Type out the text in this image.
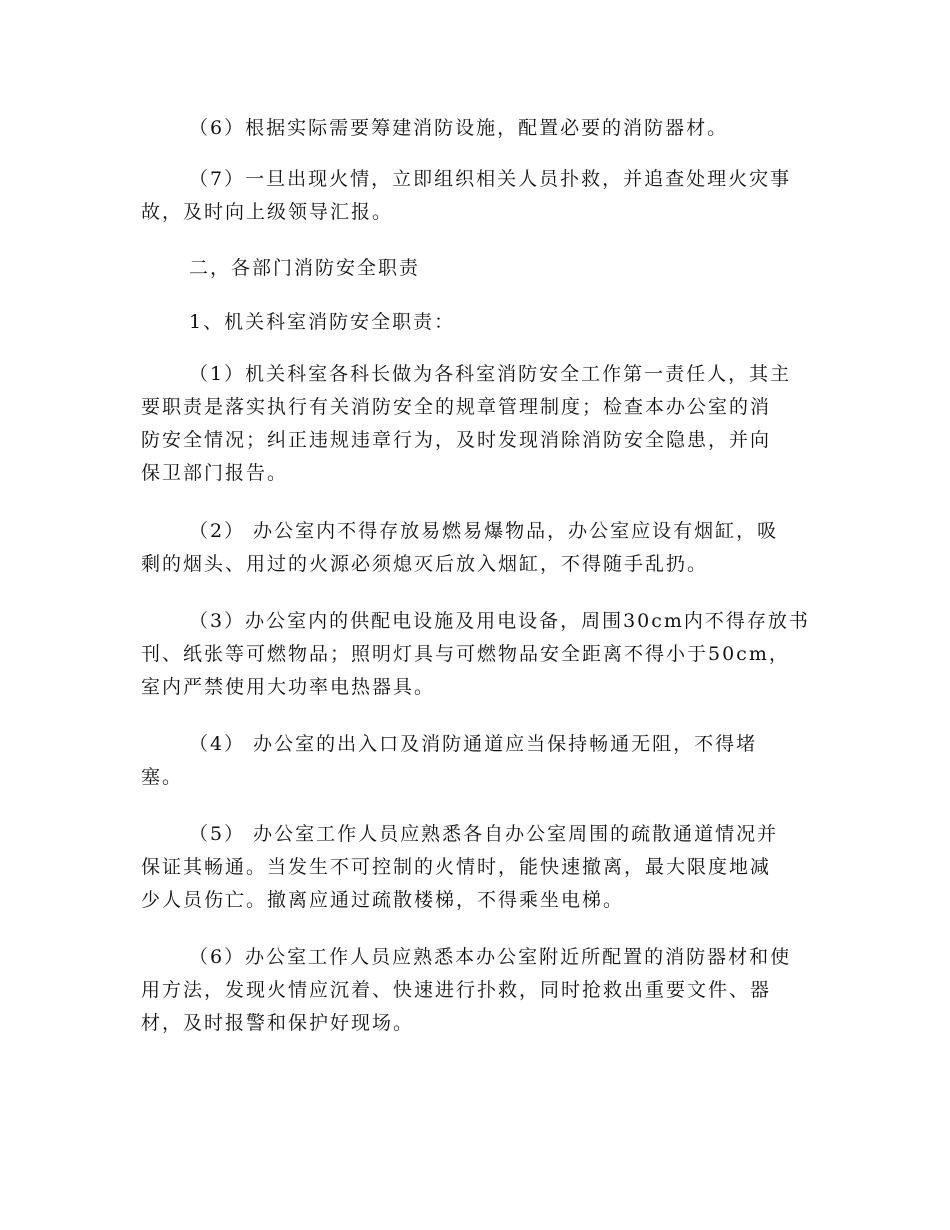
（6）根据实际需要筹建消防设施，配置必要的消防器材。

（7）一旦出现火情，立即组织相关人员扑救，并追查处理火灾事
故，及时向上级领导汇报。

二，各部门消防安全职责

1、机关科室消防安全职责：

（1）机关科室各科长做为各科室消防安全工作第一责任人，其主
要职责是落实执行有关消防安全的规章管理制度；检查本办公室的消
防安全情况；纠正违规违章行为，及时发现消除消防安全隐患，并向
保卫部门报告。

（2） 办公室内不得存放易燃易爆物品，办公室应设有烟缸，吸
剩的烟头、用过的火源必须熄灭后放入烟缸，不得随手乱扔。

（3）办公室内的供配电设施及用电设备，周围30cm内不得存放书
刊、纸张等可燃物品；照明灯具与可燃物品安全距离不得小于50cm，
室内严禁使用大功率电热器具。

（4） 办公室的出入口及消防通道应当保持畅通无阻，不得堵
塞。

（5） 办公室工作人员应熟悉各自办公室周围的疏散通道情况并
保证其畅通。当发生不可控制的火情时，能快速撤离，最大限度地减
少人员伤亡。撤离应通过疏散楼梯，不得乘坐电梯。

（6）办公室工作人员应熟悉本办公室附近所配置的消防器材和使
用方法，发现火情应沉着、快速进行扑救，同时抢救出重要文件、器
材，及时报警和保护好现场。
